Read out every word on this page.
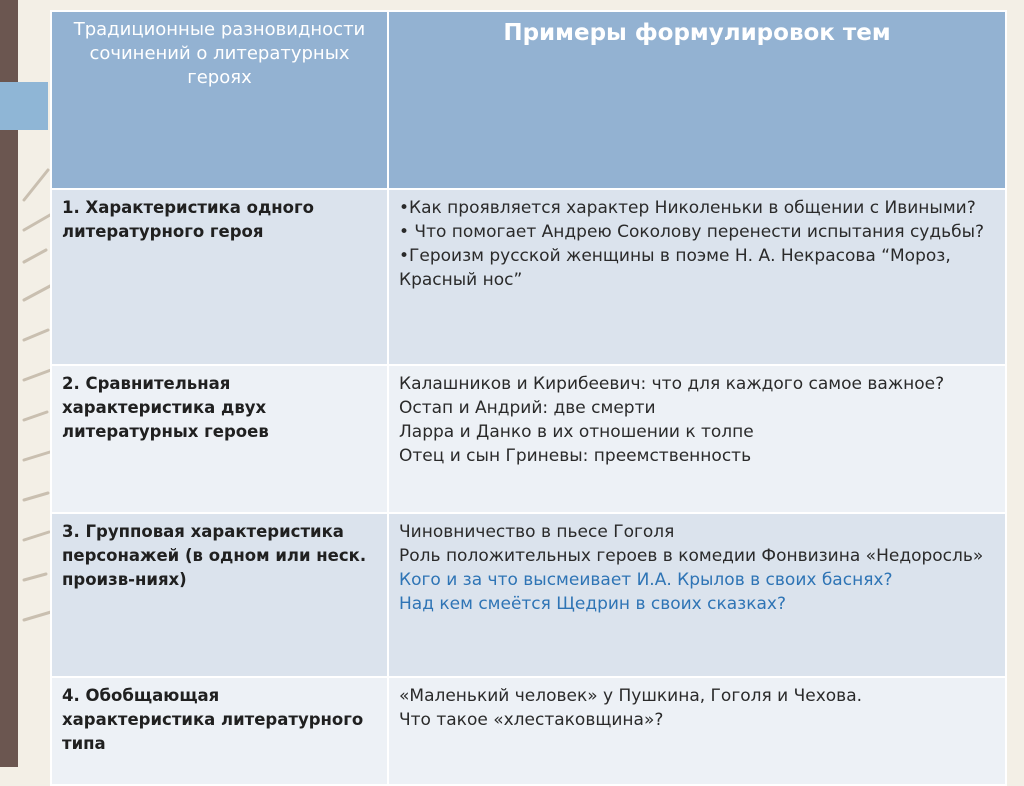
Традиционные разновидности сочинений о литературных героях	Примеры формулировок тем
1. Характеристика одного литературного героя	•Как проявляется характер Николеньки в общении с Ивиными?
• Что помогает Андрею Соколову перенести испытания судьбы?
•Героизм русской женщины в поэме Н. А. Некрасова “Мороз, Красный нос”

2. Сравнительная характеристика двух литературных героев	Калашников и Кирибеевич: что для каждого самое важное?
Остап и Андрий: две смерти
Ларра и Данко в их отношении к толпе
Отец и сын Гриневы: преемственность

3. Групповая характеристика персонажей (в одном или неск. произв-ниях)	Чиновничество в пьесе Гоголя
Роль положительных героев в комедии Фонвизина «Недоросль»
Кого и за что высмеивает И.А. Крылов в своих баснях?
Над кем смеётся Щедрин в своих сказках?

4. Обобщающая характеристика литературного типа	«Маленький человек» у Пушкина, Гоголя и Чехова.
Что такое «хлестаковщина»?
